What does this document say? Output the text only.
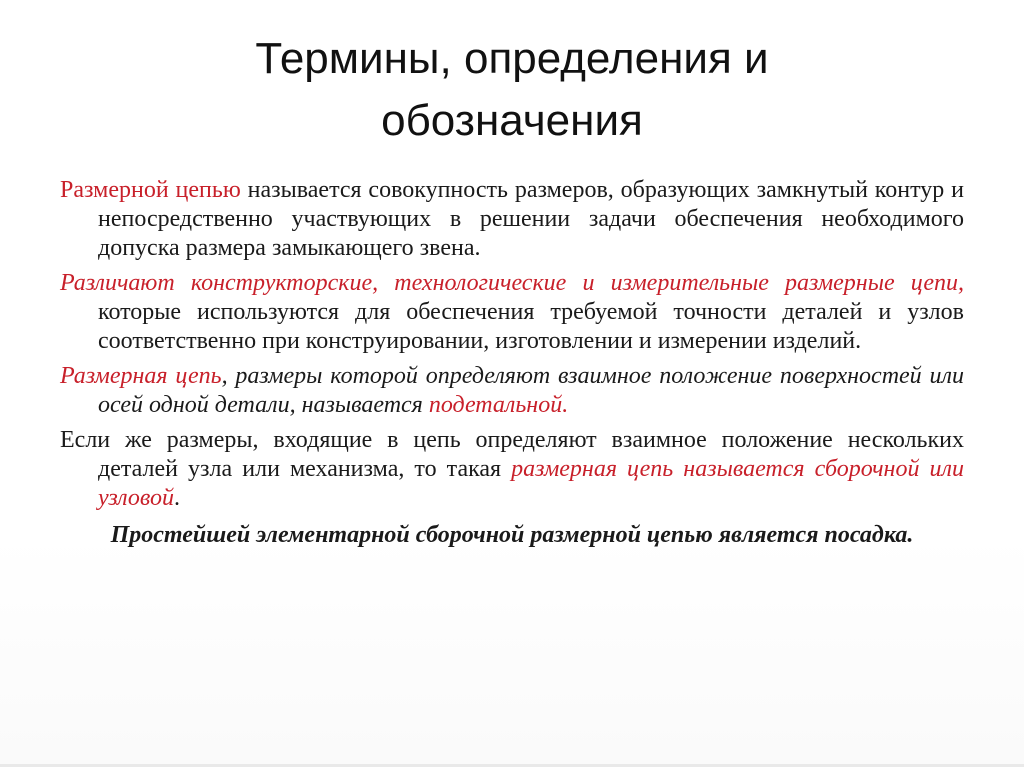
Термины, определения и
обозначения

Размерной цепью называется совокупность размеров, образующих замкнутый контур и непосредственно участвующих в решении задачи обеспечения необходимого допуска размера замыкающего звена.

Различают конструкторские, технологические и измерительные размерные цепи, которые используются для обеспечения требуемой точности деталей и узлов соответственно при конструировании, изготовлении и измерении изделий.

Размерная цепь, размеры которой определяют взаимное положение поверхностей или осей одной детали, называется подетальной.

Если же размеры, входящие в цепь определяют взаимное положение нескольких деталей узла или механизма, то такая размерная цепь называется сборочной или узловой.

Простейшей элементарной сборочной размерной цепью является посадка.
